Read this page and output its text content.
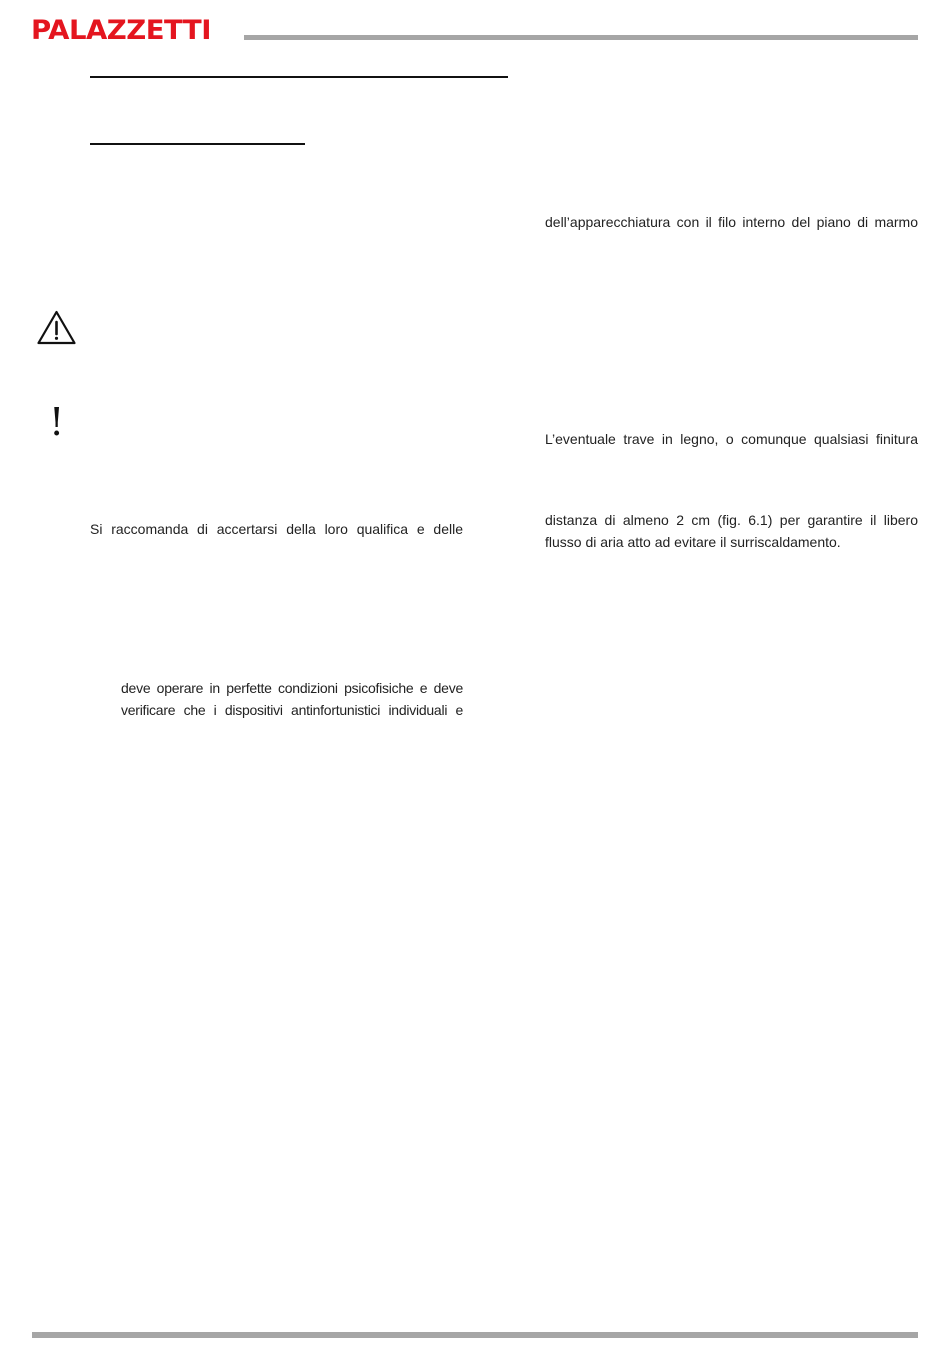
PALAZZETTI
!
dell’apparecchiatura con il filo interno del piano di marmo
L’eventuale trave in legno, o comunque qualsiasi finitura
distanza di almeno 2 cm (fig. 6.1) per garantire il libero
flusso di aria atto ad evitare il surriscaldamento.
Si raccomanda di accertarsi della loro qualifica e delle
deve operare in perfette condizioni psicofisiche e deve
verificare che i dispositivi antinfortunistici individuali e
